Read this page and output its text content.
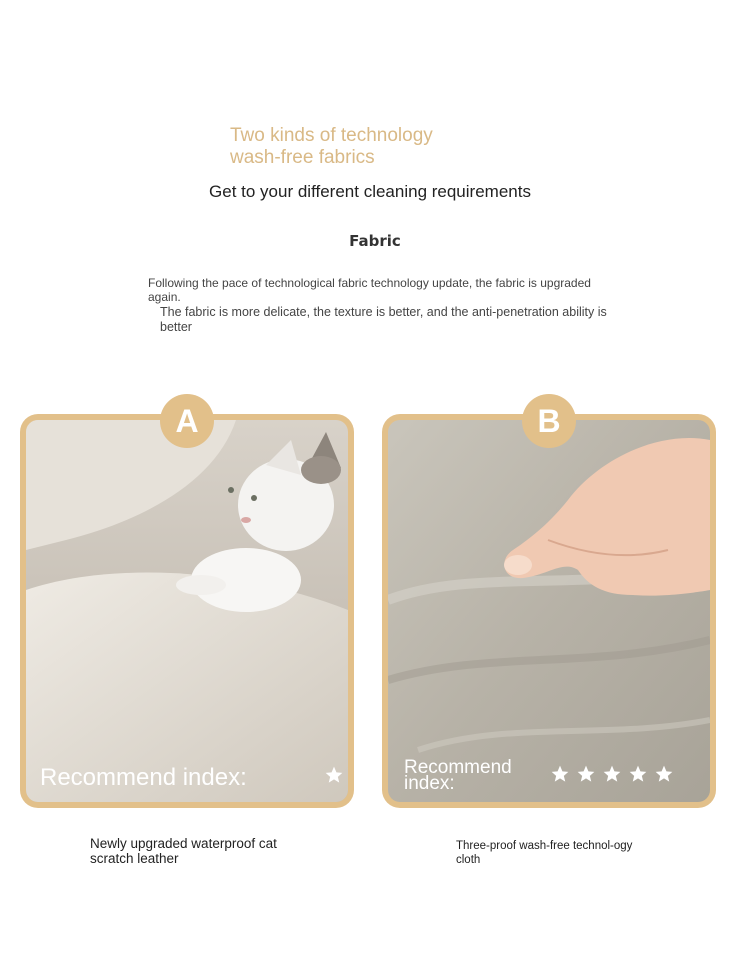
Two kinds of technology
wash-free fabrics
Get to your different cleaning requirements
Fabric
Following the pace of technological fabric technology update, the fabric is upgraded again.
The fabric is more delicate, the texture is better, and the anti-penetration ability is better
Recommend index:
A
Recommend index:
B
Newly upgraded waterproof cat scratch leather
Three-proof wash-free technol-ogy cloth
